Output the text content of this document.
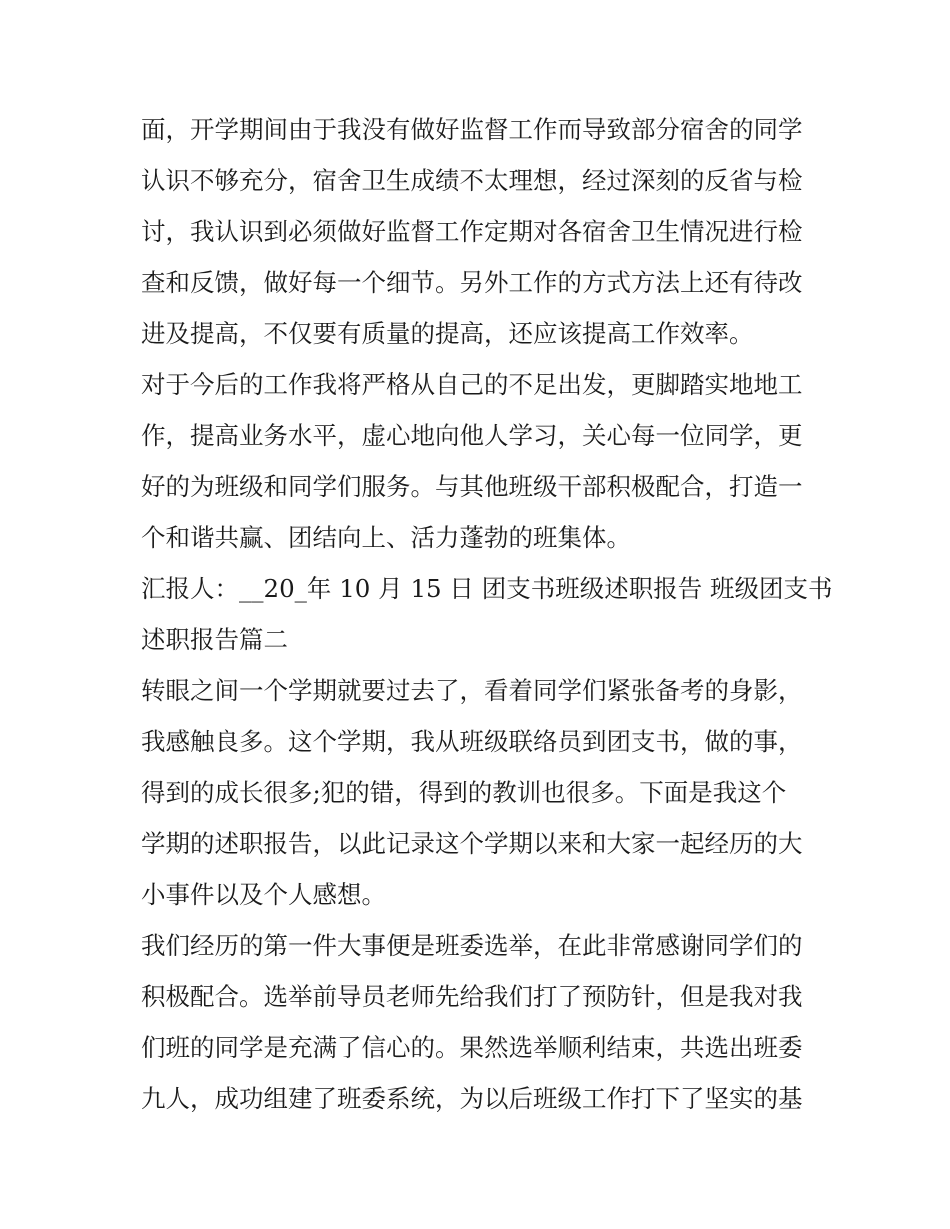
面，开学期间由于我没有做好监督工作而导致部分宿舍的同学
认识不够充分，宿舍卫生成绩不太理想，经过深刻的反省与检
讨，我认识到必须做好监督工作定期对各宿舍卫生情况进行检
查和反馈，做好每一个细节。另外工作的方式方法上还有待改
进及提高，不仅要有质量的提高，还应该提高工作效率。
对于今后的工作我将严格从自己的不足出发，更脚踏实地地工
作，提高业务水平，虚心地向他人学习，关心每一位同学，更
好的为班级和同学们服务。与其他班级干部积极配合，打造一
个和谐共赢、团结向上、活力蓬勃的班集体。
汇报人：__20_年 10 月 15 日 团支书班级述职报告 班级团支书
述职报告篇二
转眼之间一个学期就要过去了，看着同学们紧张备考的身影，
我感触良多。这个学期，我从班级联络员到团支书，做的事，
得到的成长很多;犯的错，得到的教训也很多。下面是我这个
学期的述职报告，以此记录这个学期以来和大家一起经历的大
小事件以及个人感想。
我们经历的第一件大事便是班委选举，在此非常感谢同学们的
积极配合。选举前导员老师先给我们打了预防针，但是我对我
们班的同学是充满了信心的。果然选举顺利结束，共选出班委
九人，成功组建了班委系统，为以后班级工作打下了坚实的基
